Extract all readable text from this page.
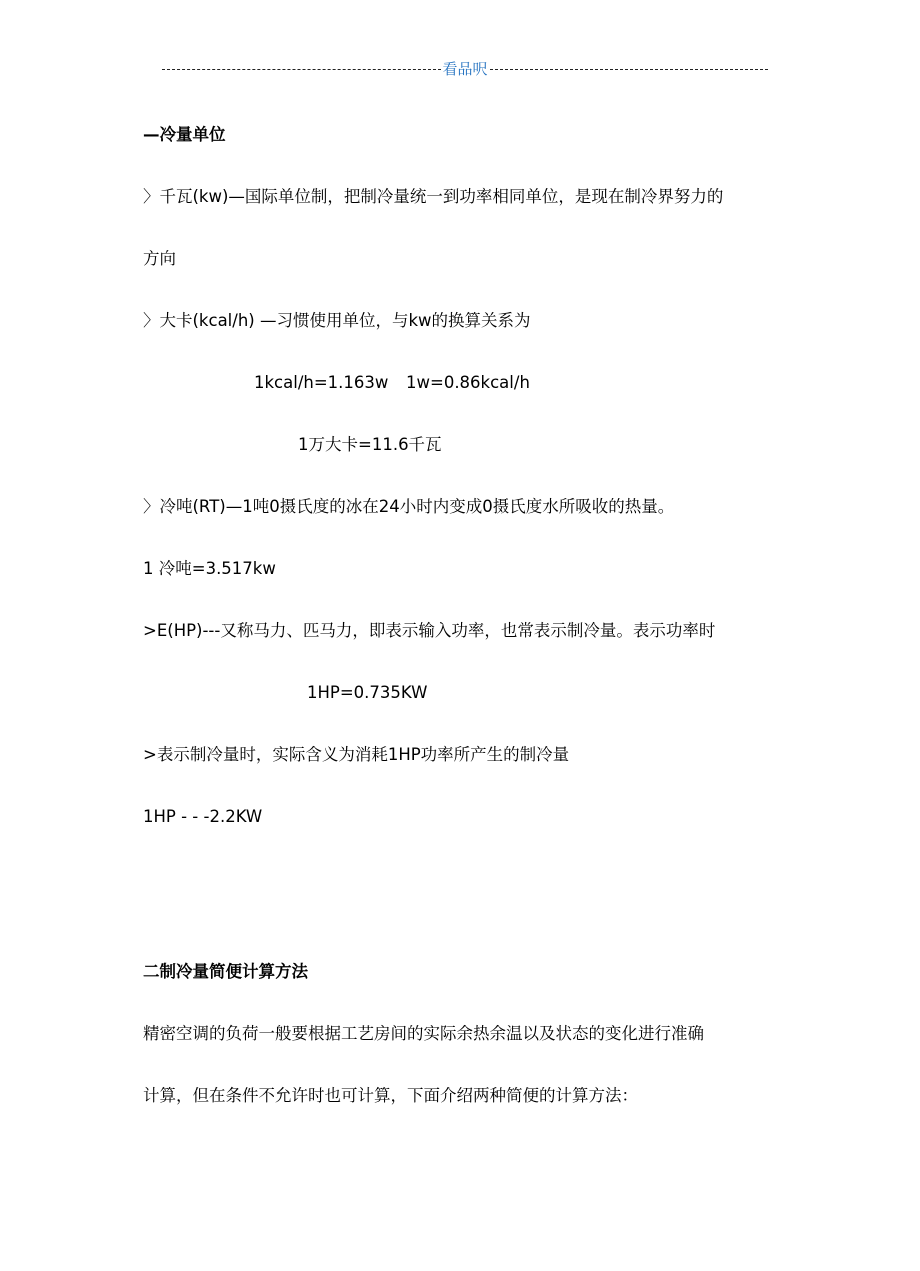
看品呎
—冷量单位
〉千瓦(kw)—国际单位制，把制冷量统一到功率相同单位，是现在制冷界努力的
方向
〉大卡(kcal/h) —习惯使用单位，与kw的换算关系为
1kcal/h=1.163w 1w=0.86kcal/h
1万大卡=11.6千瓦
〉冷吨(RT)—1吨0摄氏度的冰在24小时内变成0摄氏度水所吸收的热量。
1 冷吨=3.517kw
>E(HP)---又称马力、匹马力，即表示输入功率，也常表示制冷量。表示功率时
1HP=0.735KW
>表示制冷量时，实际含义为消耗1HP功率所产生的制冷量
1HP - - -2.2KW
二制冷量简便计算方法
精密空调的负荷一般要根据工艺房间的实际余热余温以及状态的变化进行准确
计算，但在条件不允许时也可计算，下面介绍两种简便的计算方法：
